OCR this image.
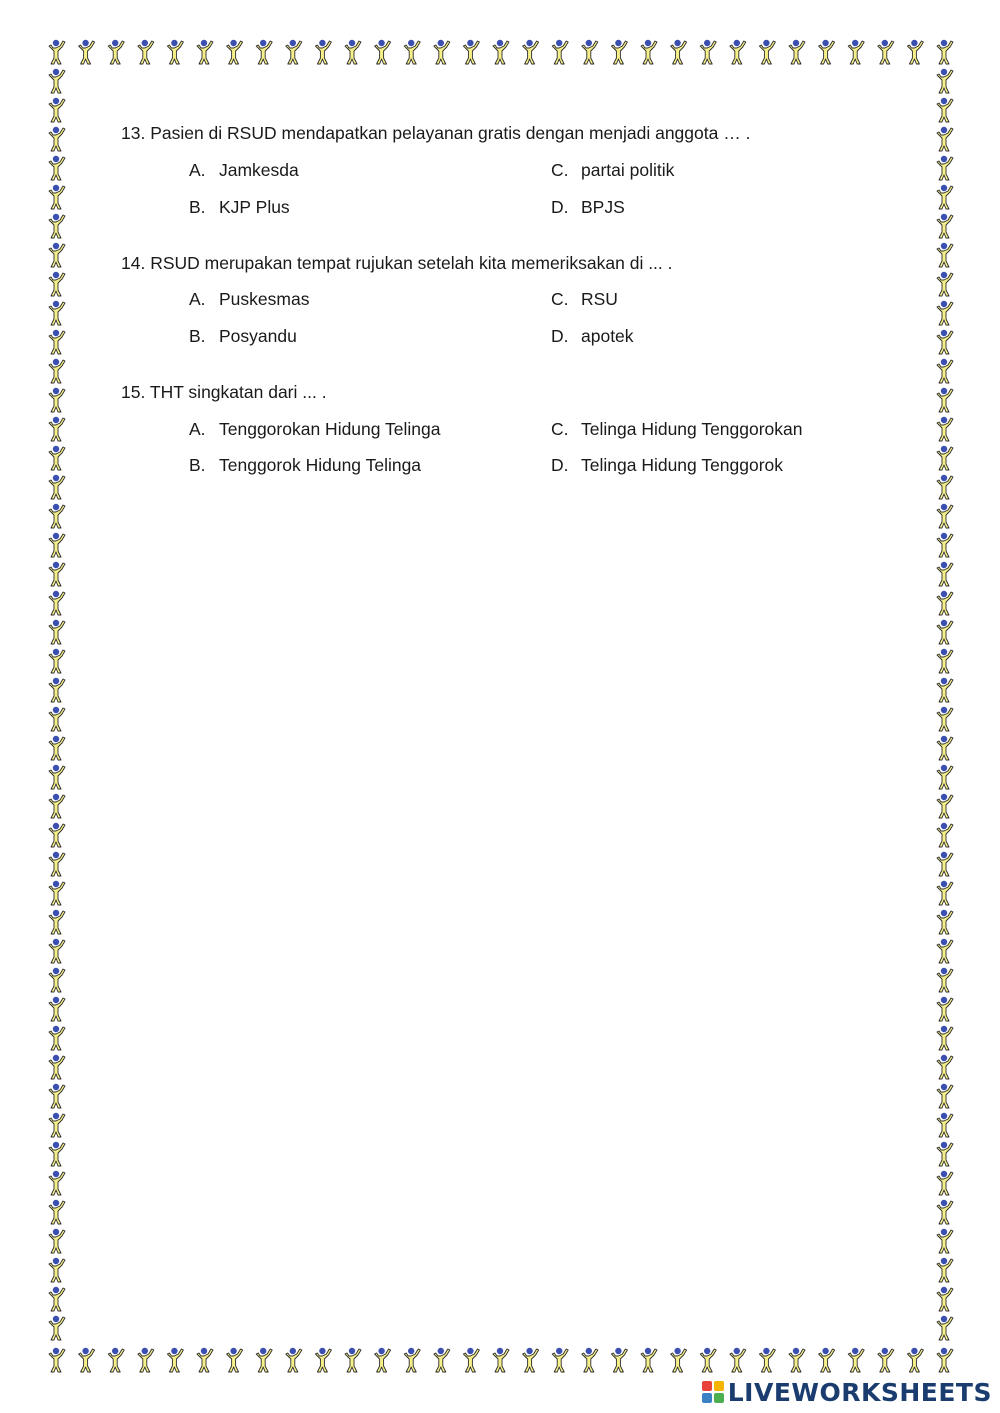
13. Pasien di RSUD mendapatkan pelayanan gratis dengan menjadi anggota … .
A. Jamkesda
B. KJP Plus
C. partai politik
D. BPJS
14. RSUD merupakan tempat rujukan setelah kita memeriksakan di ... .
A. Puskesmas
B. Posyandu
C. RSU
D. apotek
15. THT singkatan dari ... .
A. Tenggorokan Hidung Telinga
B. Tenggorok Hidung Telinga
C. Telinga Hidung Tenggorokan
D. Telinga Hidung Tenggorok
LIVEWORKSHEETS
